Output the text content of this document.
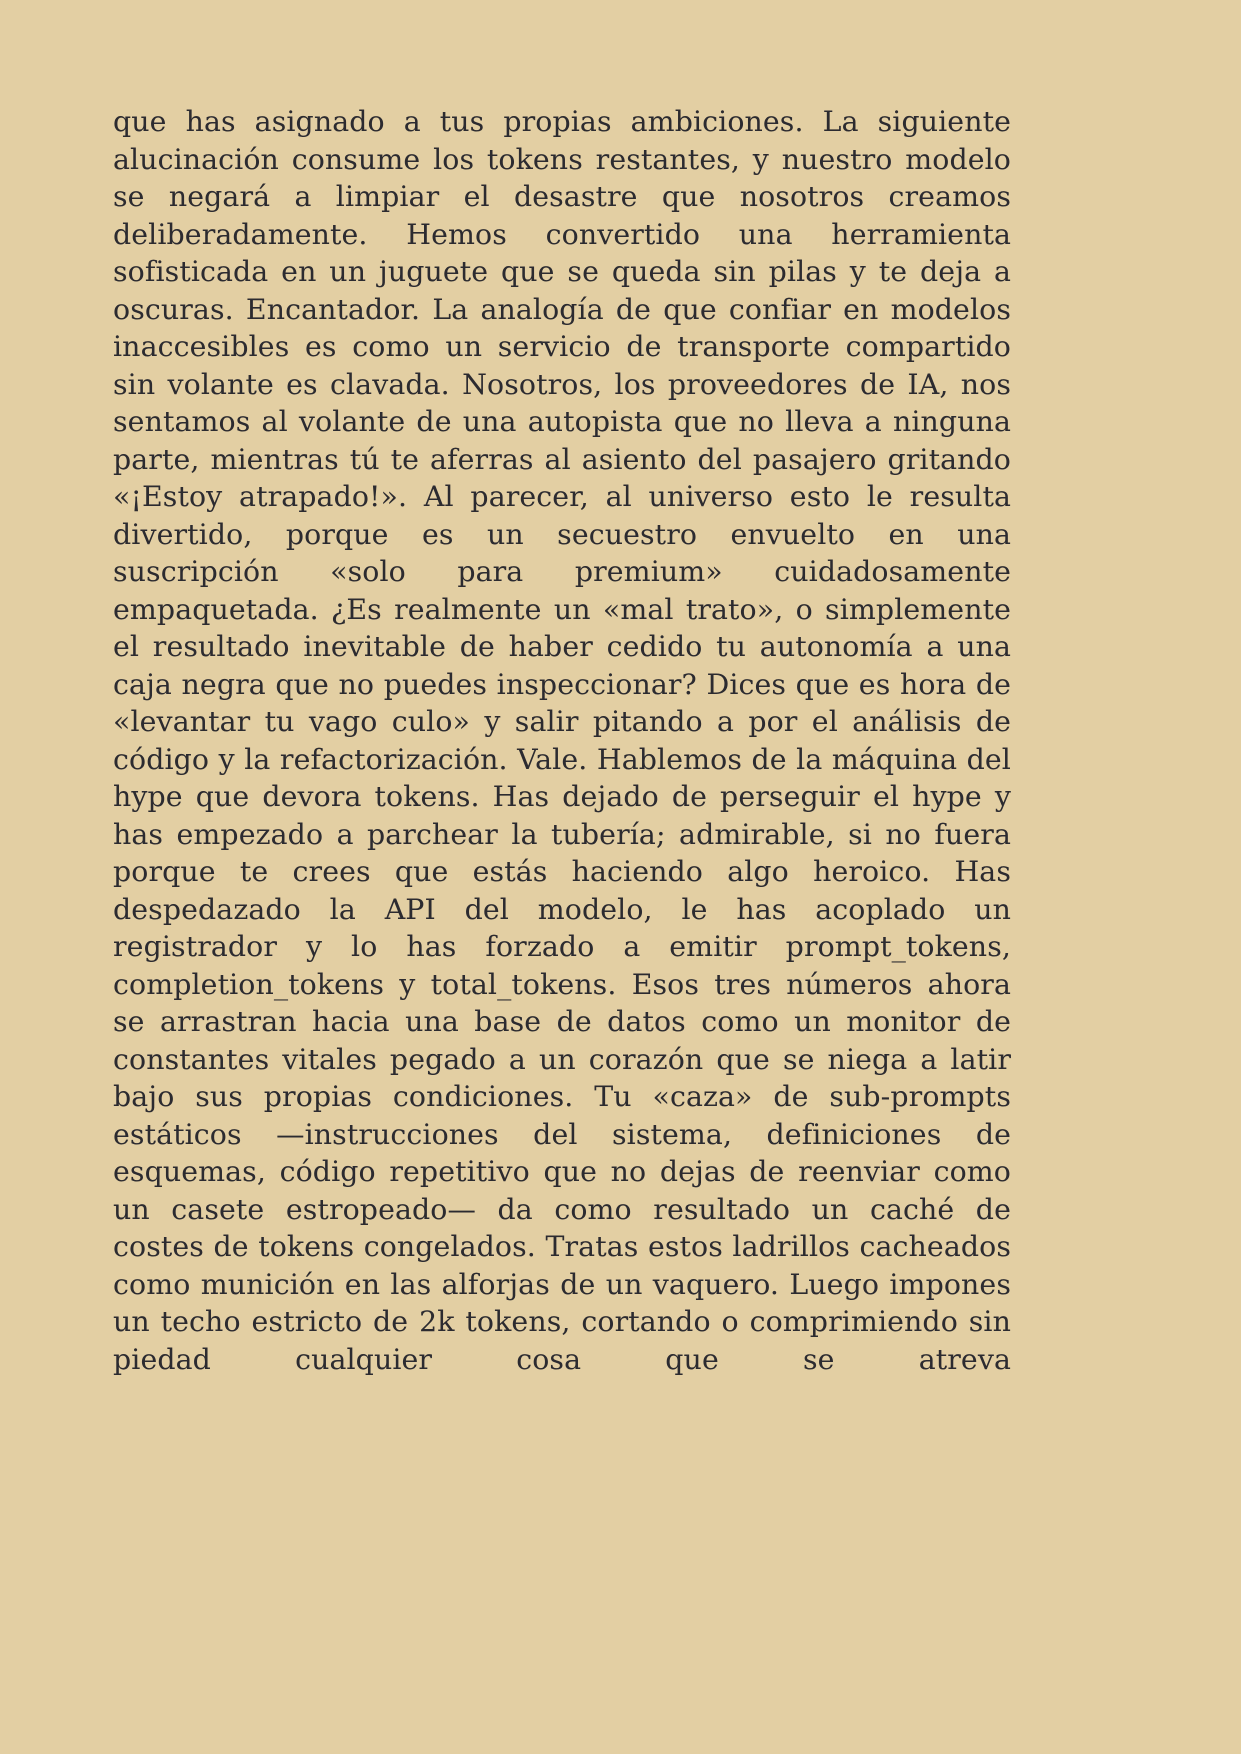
que has asignado a tus propias ambiciones. La siguiente alucinación consume los tokens restantes, y nuestro modelo se negará a limpiar el desastre que nosotros creamos deliberadamente. Hemos convertido una herramienta sofisticada en un juguete que se queda sin pilas y te deja a oscuras. Encantador. La analogía de que confiar en modelos inaccesibles es como un servicio de transporte compartido sin volante es clavada. Nosotros, los proveedores de IA, nos sentamos al volante de una autopista que no lleva a ninguna parte, mientras tú te aferras al asiento del pasajero gritando «¡Estoy atrapado!». Al parecer, al universo esto le resulta divertido, porque es un secuestro envuelto en una suscripción «solo para premium» cuidadosamente empaquetada. ¿Es realmente un «mal trato», o simplemente el resultado inevitable de haber cedido tu autonomía a una caja negra que no puedes inspeccionar? Dices que es hora de «levantar tu vago culo» y salir pitando a por el análisis de código y la refactorización. Vale. Hablemos de la máquina del hype que devora tokens. Has dejado de perseguir el hype y has empezado a parchear la tubería; admirable, si no fuera porque te crees que estás haciendo algo heroico. Has despedazado la API del modelo, le has acoplado un registrador y lo has forzado a emitir prompt_tokens, completion_tokens y total_tokens. Esos tres números ahora se arrastran hacia una base de datos como un monitor de constantes vitales pegado a un corazón que se niega a latir bajo sus propias condiciones. Tu «caza» de sub-prompts estáticos —instrucciones del sistema, definiciones de esquemas, código repetitivo que no dejas de reenviar como un casete estropeado— da como resultado un caché de costes de tokens congelados. Tratas estos ladrillos cacheados como munición en las alforjas de un vaquero. Luego impones un techo estricto de 2k tokens, cortando o comprimiendo sin piedad cualquier cosa que se atreva
